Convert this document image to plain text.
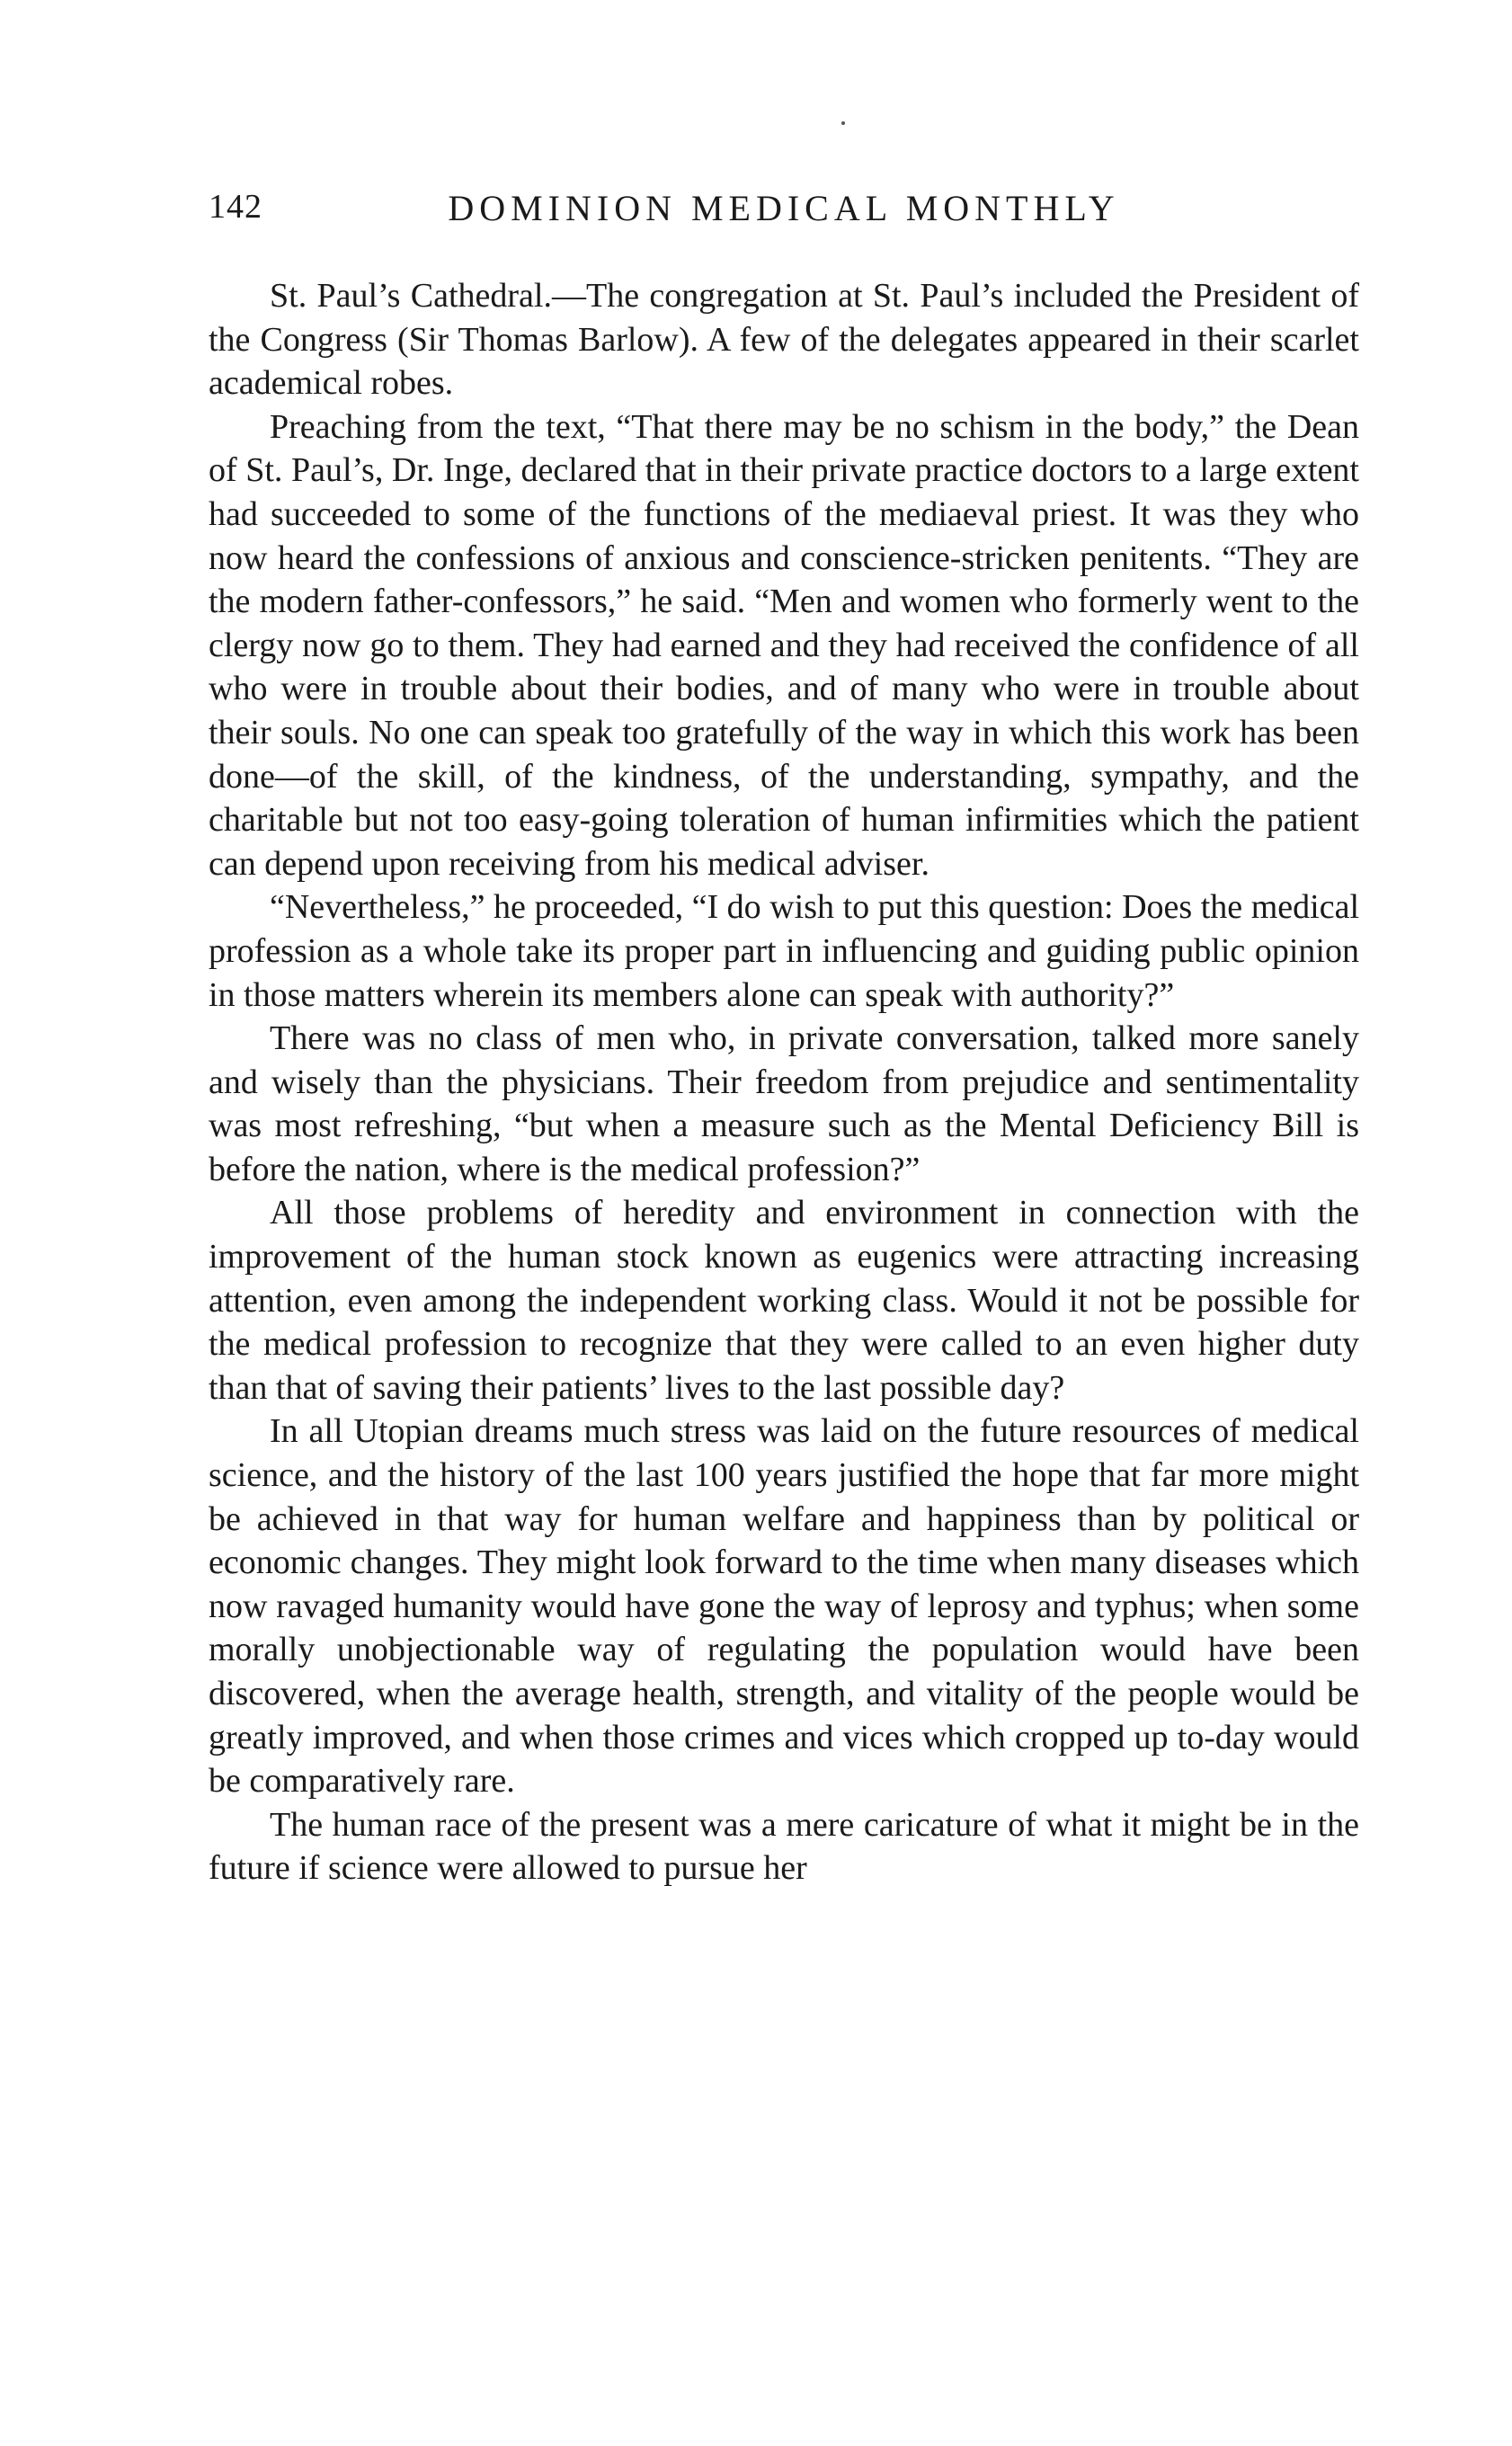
142	DOMINION MEDICAL MONTHLY

St. Paul’s Cathedral.—The congregation at St. Paul’s included the President of the Congress (Sir Thomas Barlow). A few of the delegates appeared in their scarlet academical robes.

Preaching from the text, “That there may be no schism in the body,” the Dean of St. Paul’s, Dr. Inge, declared that in their private practice doctors to a large extent had succeeded to some of the functions of the mediaeval priest. It was they who now heard the confessions of anxious and conscience-stricken penitents. “They are the modern father-confessors,” he said. “Men and women who formerly went to the clergy now go to them. They had earned and they had received the confidence of all who were in trouble about their bodies, and of many who were in trouble about their souls. No one can speak too gratefully of the way in which this work has been done—of the skill, of the kindness, of the understanding, sympathy, and the charitable but not too easy-going toleration of human infirmities which the patient can depend upon receiving from his medical adviser.

“Nevertheless,” he proceeded, “I do wish to put this question: Does the medical profession as a whole take its proper part in influencing and guiding public opinion in those matters wherein its members alone can speak with authority?”

There was no class of men who, in private conversation, talked more sanely and wisely than the physicians. Their freedom from prejudice and sentimentality was most refreshing, “but when a measure such as the Mental Deficiency Bill is before the nation, where is the medical profession?”

All those problems of heredity and environment in connection with the improvement of the human stock known as eugenics were attracting increasing attention, even among the independent working class. Would it not be possible for the medical profession to recognize that they were called to an even higher duty than that of saving their patients’ lives to the last possible day?

In all Utopian dreams much stress was laid on the future resources of medical science, and the history of the last 100 years justified the hope that far more might be achieved in that way for human welfare and happiness than by political or economic changes. They might look forward to the time when many diseases which now ravaged humanity would have gone the way of leprosy and typhus; when some morally unobjectionable way of regulating the population would have been discovered, when the average health, strength, and vitality of the people would be greatly improved, and when those crimes and vices which cropped up to-day would be comparatively rare.

The human race of the present was a mere caricature of what it might be in the future if science were allowed to pursue her
